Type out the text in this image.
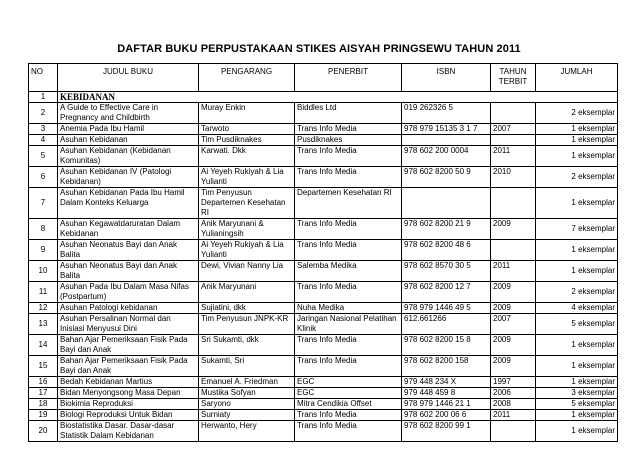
DAFTAR BUKU PERPUSTAKAAN STIKES AISYAH PRINGSEWU TAHUN 2011
NO	JUDUL BUKU	PENGARANG	PENERBIT	ISBN	TAHUN TERBIT	JUMLAH
1	KEBIDANAN					
2	A Guide to Effective Care in Pregnancy and Childbirth	Muray Enkin	Biddles Ltd	019 262326 5		2 eksemplar
3	Anemia Pada Ibu Hamil	Tarwoto	Trans Info Media	978 979 15135 3 1 7	2007	1 eksemplar
4	Asuhan Kebidanan	Tim Pusdiknakes	Pusdiknakes			1 eksemplar
5	Asuhan Kebidanan (Kebidanan Komunitas)	Karwati. Dkk	Trans Info Media	978 602 200 0004	2011	1 eksemplar
6	Asuhan Kebidanan IV (Patologi Kebidanan)	Ai Yeyeh Rukiyah & Lia Yulianti	Trans Info Media	978 602 8200 50 9	2010	2 eksemplar
7	Asuhan Kebidanan Pada Ibu Hamil Dalam Konteks Keluarga	Tim Penyusun Departemen Kesehatan RI	Departemen Kesehatan RI			1 eksemplar
8	Asuhan Kegawatdaruratan Dalam Kebidanan	Anik Maryunani & Yulianingsih	Trans Info Media	978 602 8200 21 9	2009	7 eksemplar
9	Asuhan Neonatus Bayi dan Anak Balita	Ai Yeyeh Rukiyah & Lia Yulianti	Trans Info Media	978 602 8200 48 6		1 eksemplar
10	Asuhan Neonatus Bayi dan Anak Balita	Dewi, Vivian Nanny Lia	Salemba Medika	978 602 8570 30 5	2011	1 eksemplar
11	Asuhan Pada Ibu Dalam Masa Nifas (Postpartum)	Anik Maryunani	Trans Info Media	978 602 8200 12 7	2009	2 eksemplar
12	Asuhan Patologi kebidanan	Sujiatini, dkk	Nuha Medika	978 979 1446 49 5	2009	4 eksemplar
13	Asuhan Persalinan Normal dan Inisiasi Menyusui Dini	Tim Penyusun JNPK-KR	Jaringan Nasional Pelatihan Klinik	612.661266	2007	5 eksemplar
14	Bahan Ajar Pemeriksaan Fisik Pada Bayi dan Anak	Sri Sukamti, dkk	Trans Info Media	978 602 8200 15 8	2009	1 eksemplar
15	Bahan Ajar Pemeriksaan Fisik Pada Bayi dan Anak	Sukamti, Sri	Trans Info Media	978 602 8200 158	2009	1 eksemplar
16	Bedah Kebidanan Martius	Emanuel A. Friedman	EGC	979 448 234 X	1997	1 eksemplar
17	Bidan Menyongsong Masa Depan	Mustika Sofyan	EGC	979 448 459 8	2006	3 eksemplar
18	Biokimia Reproduksi	Saryono	Mitra Cendikia Offset	978 979 1446 21 1	2008	5 eksemplar
19	Biologi Reproduksi Untuk Bidan	Surniaty	Trans Info Media	978 602 200 06 6	2011	1 eksemplar
20	Biostatistika Dasar. Dasar-dasar Statistik Dalam Kebidanan	Herwanto, Hery	Trans Info Media	978 602 8200 99 1		1 eksemplar
